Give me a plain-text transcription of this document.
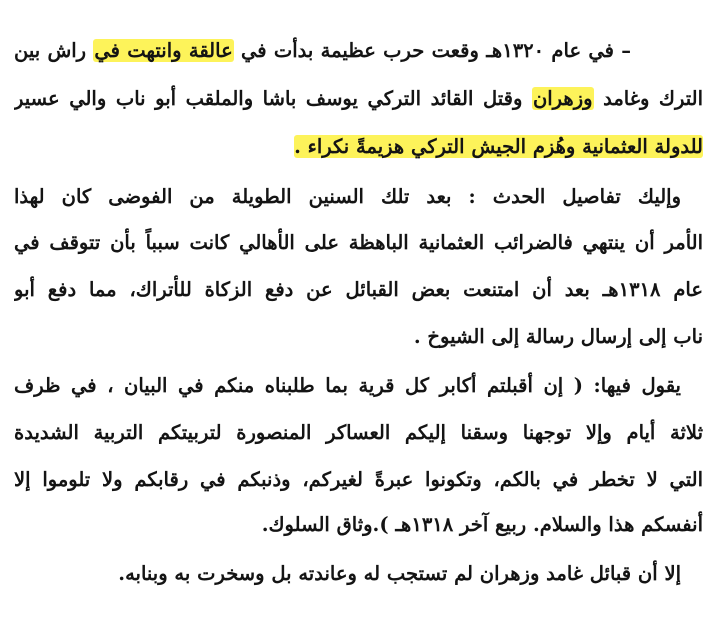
– في عام ١٣٢٠هـ وقعت حرب عظيمة بدأت في عالقة وانتهت في راش بين
الترك وغامد وزهران وقتل القائد التركي يوسف باشا والملقب أبو ناب والي عسير
للدولة العثمانية وهُزم الجيش التركي هزيمةً نكراء .
وإليك تفاصيل الحدث : بعد تلك السنين الطويلة من الفوضى كان لهذا
الأمر أن ينتهي فالضرائب العثمانية الباهظة على الأهالي كانت سبباً بأن تتوقف في
عام ١٣١٨هـ بعد أن امتنعت بعض القبائل عن دفع الزكاة للأتراك، مما دفع أبو
ناب إلى إرسال رسالة إلى الشيوخ .
يقول فيها: ( إن أقبلتم أكابر كل قرية بما طلبناه منكم في البيان ، في ظرف
ثلاثة أيام وإلا توجهنا وسقنا إليكم العساكر المنصورة لتربيتكم التربية الشديدة
التي لا تخطر في بالكم، وتكونوا عبرةً لغيركم، وذنبكم في رقابكم ولا تلوموا إلا
أنفسكم هذا والسلام. ربيع آخر ١٣١٨هـ ).وثاق السلوك.
إلا أن قبائل غامد وزهران لم تستجب له وعاندته بل وسخرت به وبنابه.
